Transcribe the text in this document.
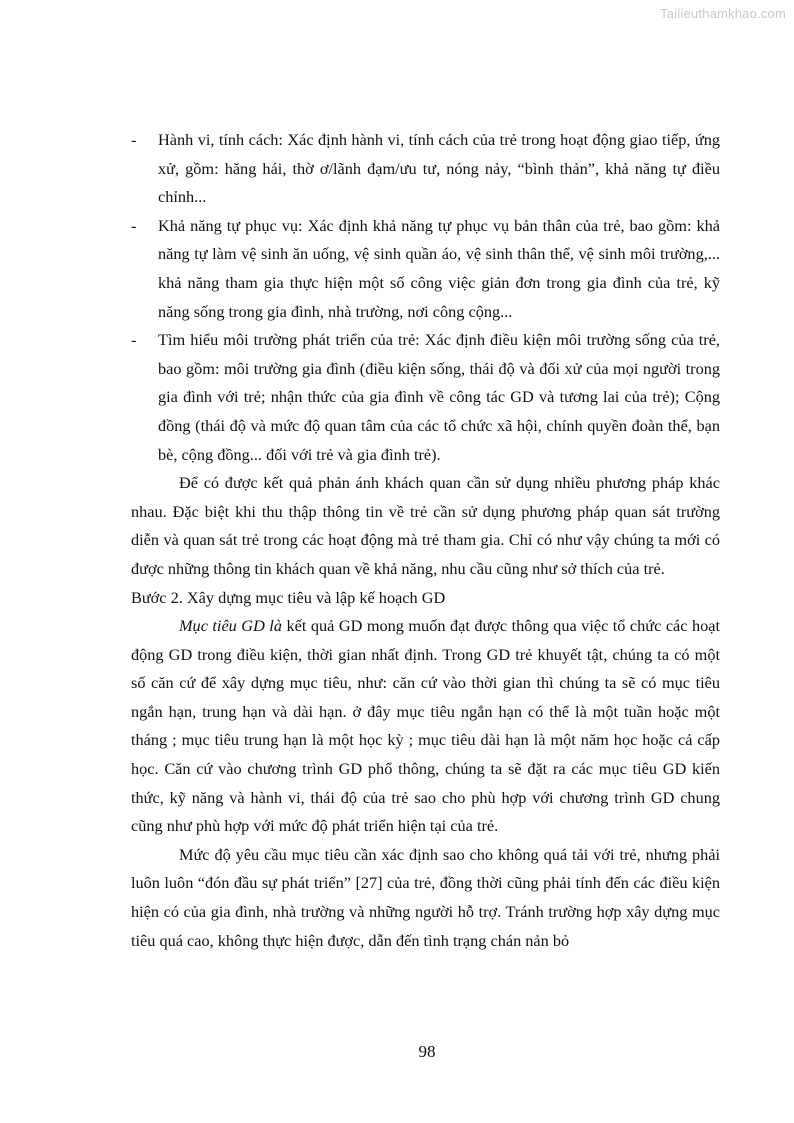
Tailieuthamkhao.com
-	Hành vi, tính cách: Xác định hành vi, tính cách của trẻ trong hoạt động giao tiếp, ứng xử, gồm: hăng hái, thờ ơ/lãnh đạm/ưu tư, nóng nảy, “bình thản”, khả năng tự điều chỉnh...
-	Khả năng tự phục vụ: Xác định khả năng tự phục vụ bản thân của trẻ, bao gồm: khả năng tự làm vệ sinh ăn uống, vệ sinh quần áo, vệ sinh thân thể, vệ sinh môi trường,... khả năng tham gia thực hiện một số công việc giản đơn trong gia đình của trẻ, kỹ năng sống trong gia đình, nhà trường, nơi công cộng...
-	Tìm hiểu môi trường phát triển của trẻ: Xác định điều kiện môi trường sống của trẻ, bao gồm: môi trường gia đình (điều kiện sống, thái độ và đối xử của mọi người trong gia đình với trẻ; nhận thức của gia đình về công tác GD và tương lai của trẻ); Cộng đồng (thái độ và mức độ quan tâm của các tổ chức xã hội, chính quyền đoàn thể, bạn bè, cộng đồng... đối với trẻ và gia đình trẻ).

Để có được kết quả phản ánh khách quan cần sử dụng nhiều phương pháp khác nhau. Đặc biệt khi thu thập thông tin về trẻ cần sử dụng phương pháp quan sát trường diễn và quan sát trẻ trong các hoạt động mà trẻ tham gia. Chỉ có như vậy chúng ta mới có được những thông tin khách quan về khả năng, nhu cầu cũng như sở thích của trẻ.

Bước 2. Xây dựng mục tiêu và lập kế hoạch GD

Mục tiêu GD là kết quả GD mong muốn đạt được thông qua việc tổ chức các hoạt động GD trong điều kiện, thời gian nhất định. Trong GD trẻ khuyết tật, chúng ta có một số căn cứ để xây dựng mục tiêu, như: căn cứ vào thời gian thì chúng ta sẽ có mục tiêu ngắn hạn, trung hạn và dài hạn. ở đây mục tiêu ngắn hạn có thể là một tuần hoặc một tháng ; mục tiêu trung hạn là một học kỳ ; mục tiêu dài hạn là một năm học hoặc cả cấp học. Căn cứ vào chương trình GD phổ thông, chúng ta sẽ đặt ra các mục tiêu GD kiến thức, kỹ năng và hành vi, thái độ của trẻ sao cho phù hợp với chương trình GD chung cũng như phù hợp với mức độ phát triển hiện tại của trẻ.

Mức độ yêu cầu mục tiêu cần xác định sao cho không quá tải với trẻ, nhưng phải luôn luôn “đón đầu sự phát triển” [27] của trẻ, đồng thời cũng phải tính đến các điều kiện hiện có của gia đình, nhà trường và những người hỗ trợ. Tránh trường hợp xây dựng mục tiêu quá cao, không thực hiện được, dẫn đến tình trạng chán nản bỏ

98
